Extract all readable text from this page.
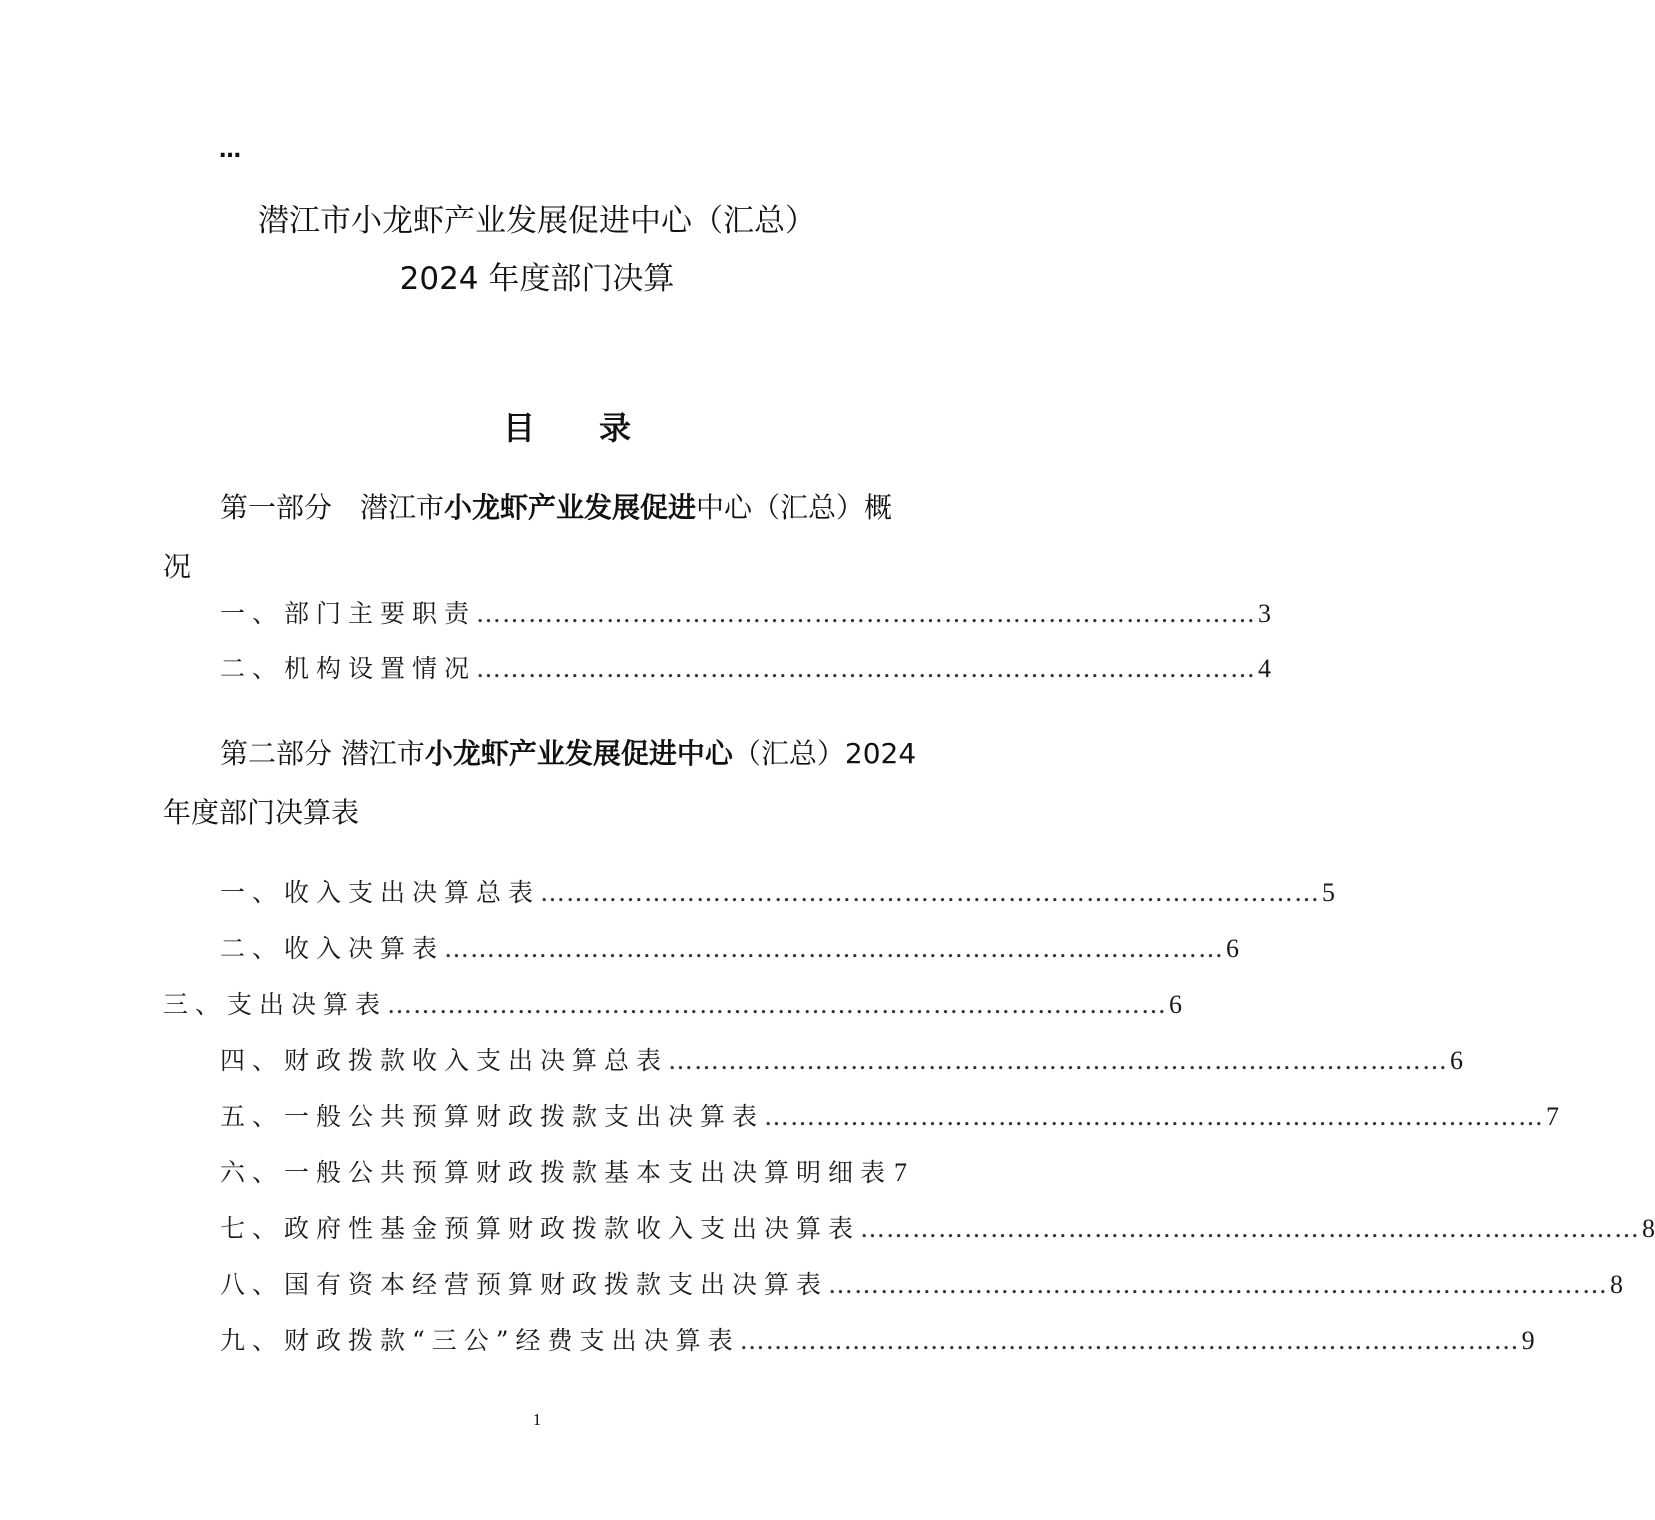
…
潜江市小龙虾产业发展促进中心（汇总）
2024 年度部门决算
目　　录
第一部分　潜江市小龙虾产业发展促进中心（汇总）概
况
一、部门主要职责 ……………………………………………………………………………… 3
二、机构设置情况 ……………………………………………………………………………… 4
第二部分 潜江市小龙虾产业发展促进中心（汇总）2024
年度部门决算表
一、收入支出决算总表 ……………………………………………………………………………… 5
二、收入决算表 ……………………………………………………………………………… 6
三、支出决算表 ……………………………………………………………………………… 6
四、财政拨款收入支出决算总表 ……………………………………………………………………………… 6
五、一般公共预算财政拨款支出决算表 ……………………………………………………………………………… 7
六、一般公共预算财政拨款基本支出决算明细表 7
七、政府性基金预算财政拨款收入支出决算表 ……………………………………………………………………………… 8
八、国有资本经营预算财政拨款支出决算表 ……………………………………………………………………………… 8
九、财政拨款“三公”经费支出决算表 ……………………………………………………………………………… 9
1
